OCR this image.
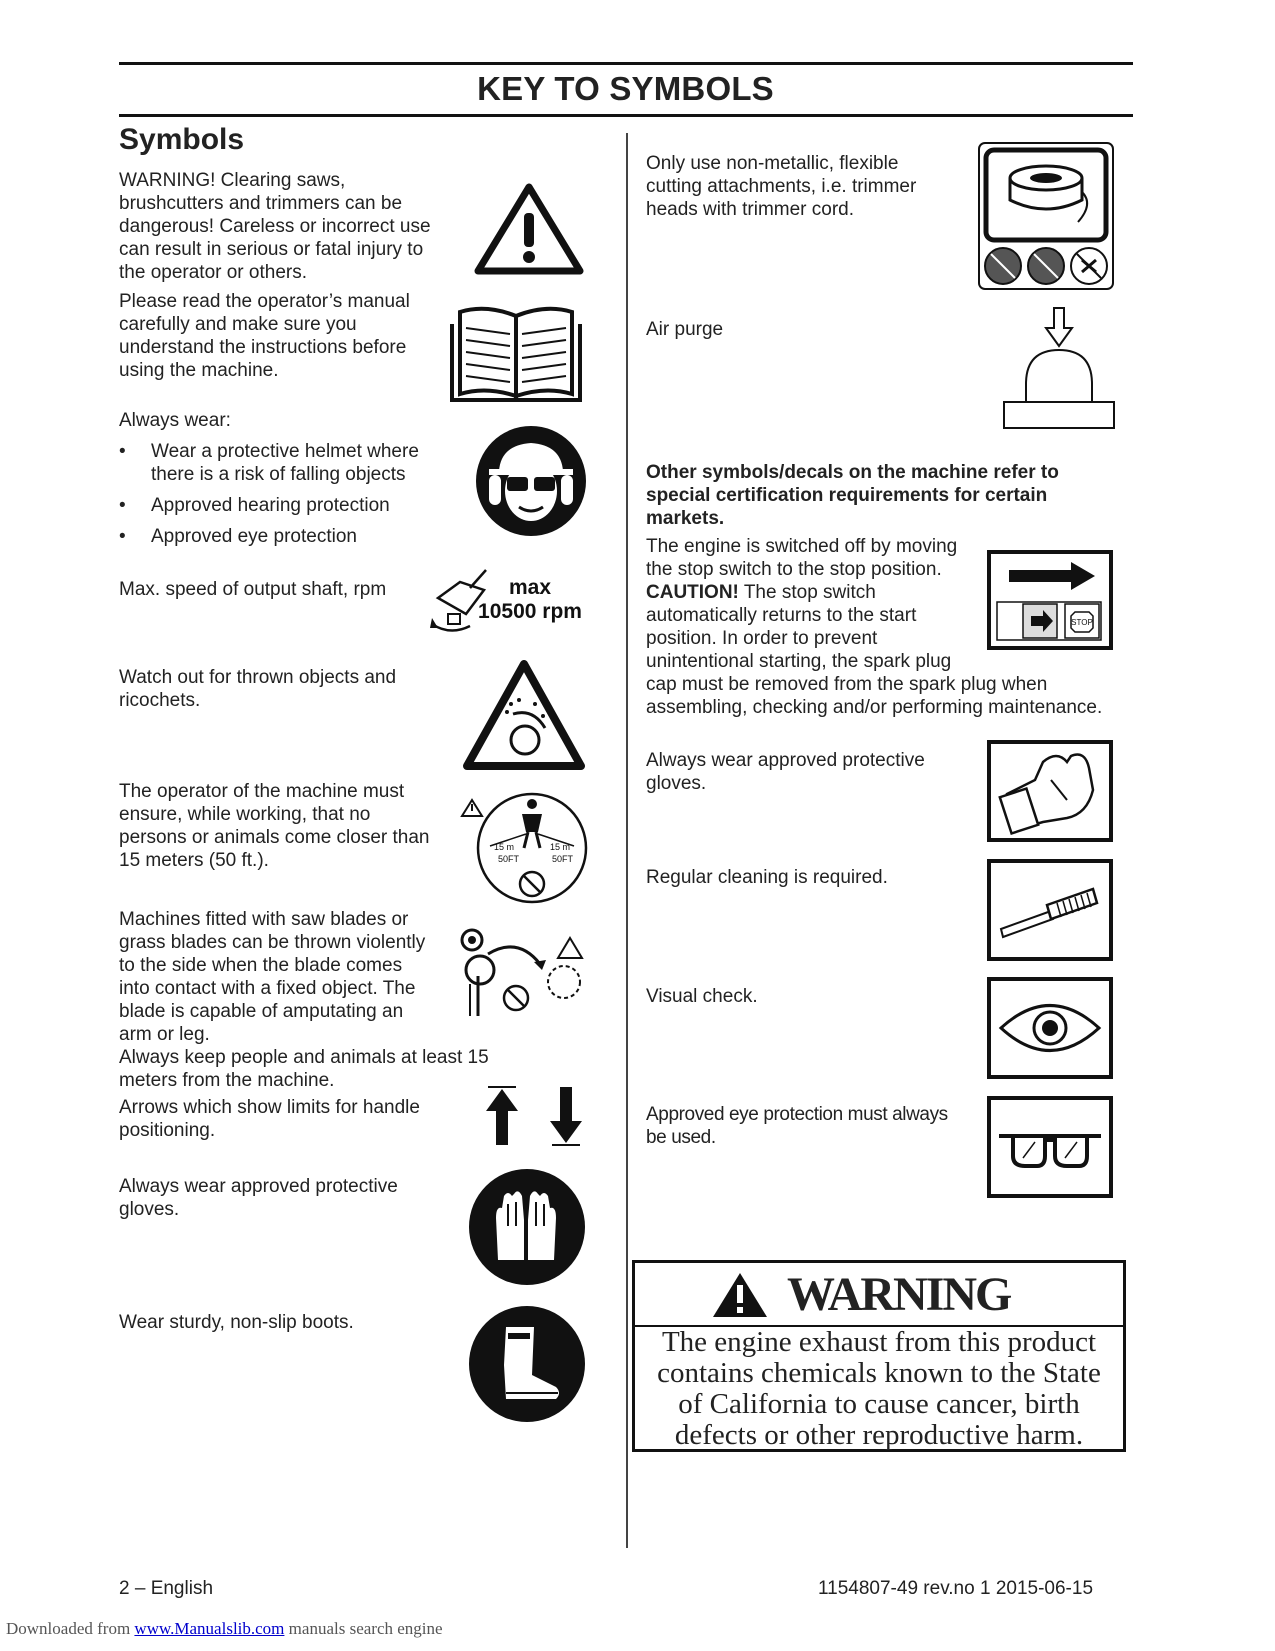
KEY TO SYMBOLS
Symbols
WARNING! Clearing saws, brushcutters and trimmers can be dangerous! Careless or incorrect use can result in serious or fatal injury to the operator or others.
Please read the operator’s manual carefully and make sure you understand the instructions before using the machine.
Always wear:
• Wear a protective helmet where there is a risk of falling objects
• Approved hearing protection
• Approved eye protection
Max. speed of output shaft, rpm	max
10500 rpm
Watch out for thrown objects and ricochets.
The operator of the machine must ensure, while working, that no persons or animals come closer than 15 meters (50 ft.).
15 m	15 m
50FT	50FT
Machines fitted with saw blades or grass blades can be thrown violently to the side when the blade comes into contact with a fixed object. The blade is capable of amputating an arm or leg.
Always keep people and animals at least 15 meters from the machine.
Arrows which show limits for handle positioning.
Always wear approved protective gloves.
Wear sturdy, non-slip boots.
Only use non-metallic, flexible cutting attachments, i.e. trimmer heads with trimmer cord.
Air purge
Other symbols/decals on the machine refer to special certification requirements for certain markets.
The engine is switched off by moving the stop switch to the stop position. CAUTION! The stop switch automatically returns to the start position. In order to prevent unintentional starting, the spark plug
cap must be removed from the spark plug when assembling, checking and/or performing maintenance.
STOP
Always wear approved protective gloves.
Regular cleaning is required.
Visual check.
Approved eye protection must always be used.
WARNING
The engine exhaust from this product
contains chemicals known to the State
of California to cause cancer, birth
defects or other reproductive harm.
2 – English	1154807-49 rev.no 1 2015-06-15
Downloaded from www.Manualslib.com manuals search engine
